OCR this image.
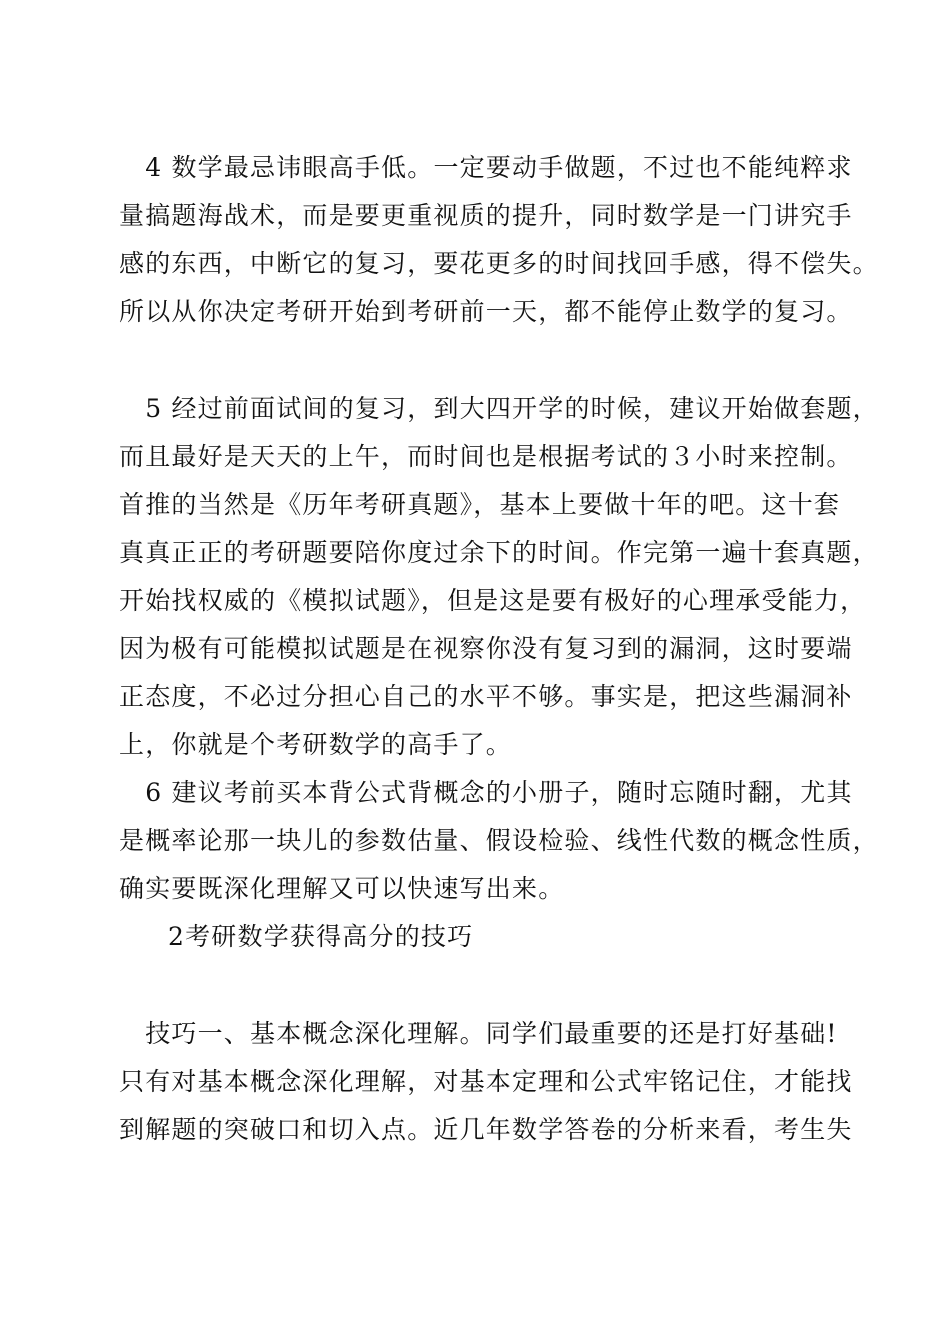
　4 数学最忌讳眼高手低。一定要动手做题，不过也不能纯粹求
量搞题海战术，而是要更重视质的提升，同时数学是一门讲究手
感的东西，中断它的复习，要花更多的时间找回手感，得不偿失。
所以从你决定考研开始到考研前一天，都不能停止数学的复习。
　5 经过前面试间的复习，到大四开学的时候，建议开始做套题，
而且最好是天天的上午，而时间也是根据考试的３小时来控制。
首推的当然是《历年考研真题》，基本上要做十年的吧。这十套
真真正正的考研题要陪你度过余下的时间。作完第一遍十套真题，
开始找权威的《模拟试题》，但是这是要有极好的心理承受能力，
因为极有可能模拟试题是在视察你没有复习到的漏洞，这时要端
正态度，不必过分担心自己的水平不够。事实是，把这些漏洞补
上，你就是个考研数学的高手了。
　6 建议考前买本背公式背概念的小册子，随时忘随时翻，尤其
是概率论那一块儿的参数估量、假设检验、线性代数的概念性质，
确实要既深化理解又可以快速写出来。
2考研数学获得高分的技巧
　技巧一、基本概念深化理解。同学们最重要的还是打好基础!
只有对基本概念深化理解，对基本定理和公式牢铭记住，才能找
到解题的突破口和切入点。近几年数学答卷的分析来看，考生失
